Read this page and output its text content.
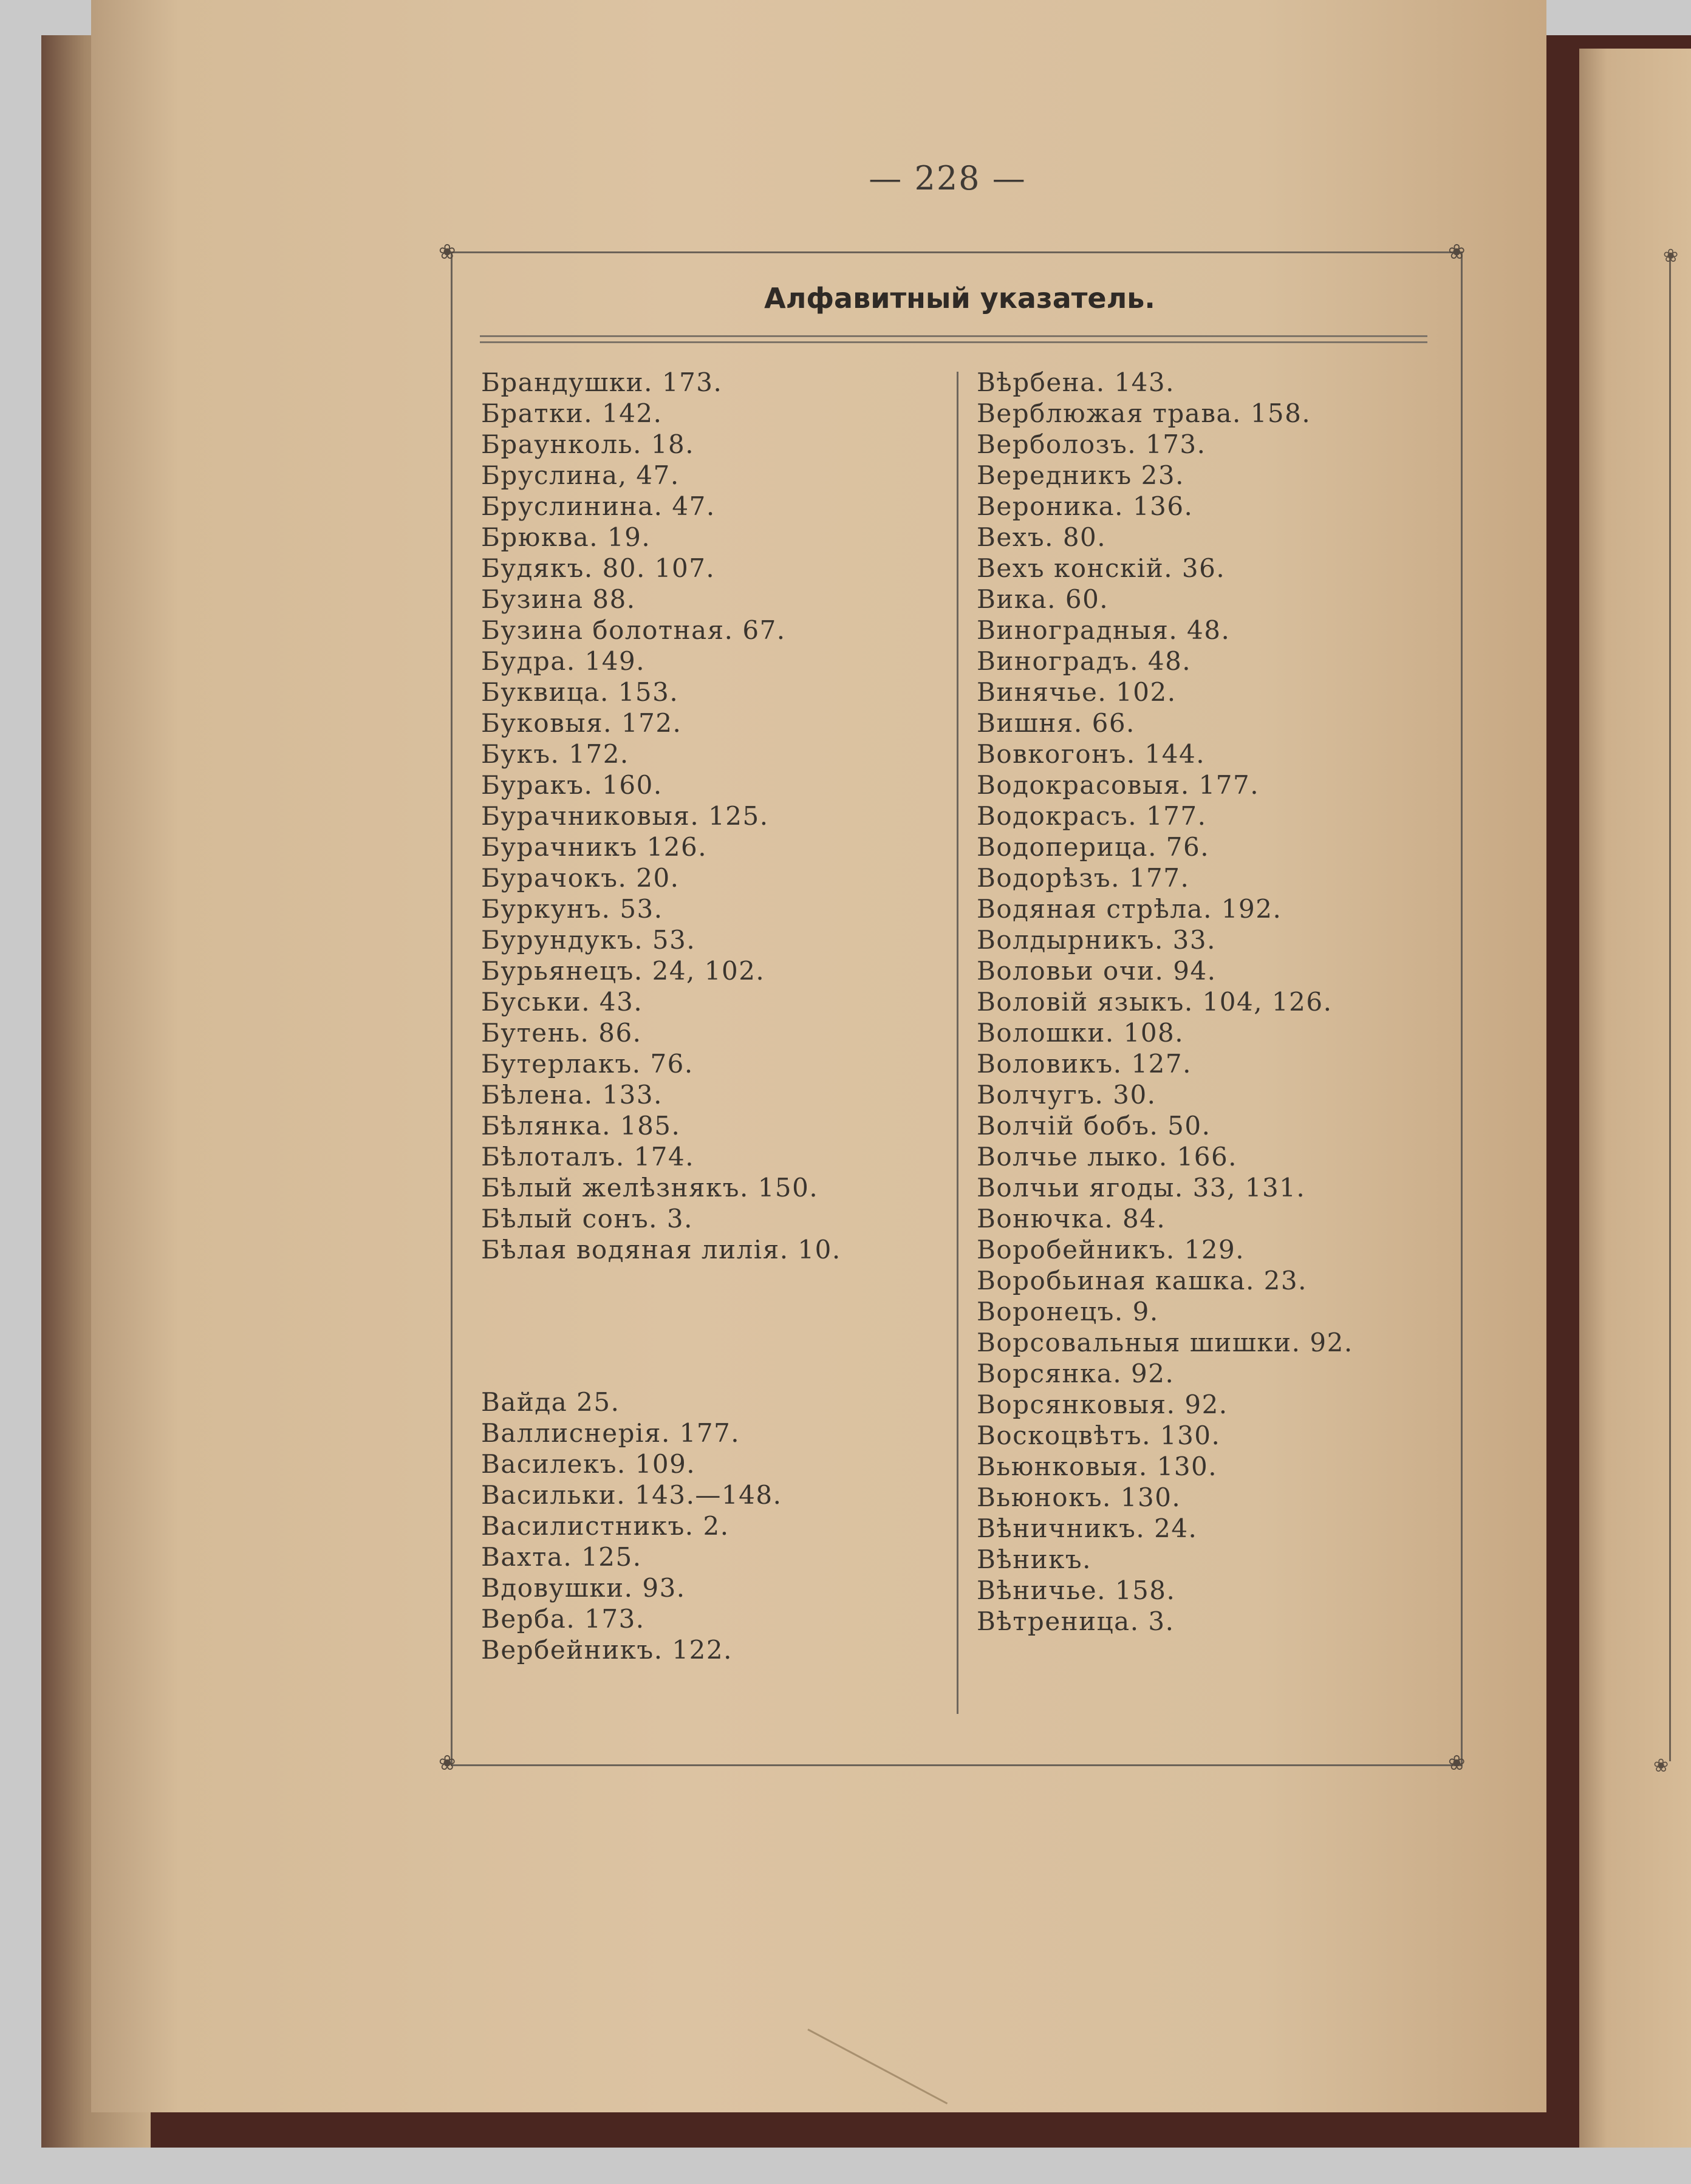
❀
❀
— 228 —
❀	❀
❀	❀
Алфавитный указатель.
Брандушки. 173.
Братки. 142.
Браунколь. 18.
Бруслина, 47.
Бруслинина. 47.
Брюква. 19.
Будякъ. 80. 107.
Бузина 88.
Бузина болотная. 67.
Будра. 149.
Буквица. 153.
Буковыя. 172.
Букъ. 172.
Буракъ. 160.
Бурачниковыя. 125.
Бурачникъ 126.
Бурачокъ. 20.
Буркунъ. 53.
Бурундукъ. 53.
Бурьянецъ. 24, 102.
Буськи. 43.
Бутень. 86.
Бутерлакъ. 76.
Бѣлена. 133.
Бѣлянка. 185.
Бѣлоталъ. 174.
Бѣлый желѣзнякъ. 150.
Бѣлый сонъ. 3.
Бѣлая водяная лилія. 10.
Вайда 25.
Валлиснерія. 177.
Василекъ. 109.
Васильки. 143.—148.
Василистникъ. 2.
Вахта. 125.
Вдовушки. 93.
Верба. 173.
Вербейникъ. 122.
Вѣрбена. 143.
Верблюжая трава. 158.
Верболозъ. 173.
Вередникъ 23.
Вероника. 136.
Вехъ. 80.
Вехъ конскій. 36.
Вика. 60.
Виноградныя. 48.
Виноградъ. 48.
Винячье. 102.
Вишня. 66.
Вовкогонъ. 144.
Водокрасовыя. 177.
Водокрасъ. 177.
Водоперица. 76.
Водорѣзъ. 177.
Водяная стрѣла. 192.
Волдырникъ. 33.
Воловьи очи. 94.
Воловій языкъ. 104, 126.
Волошки. 108.
Воловикъ. 127.
Волчугъ. 30.
Волчій бобъ. 50.
Волчье лыко. 166.
Волчьи ягоды. 33, 131.
Вонючка. 84.
Воробейникъ. 129.
Воробьиная кашка. 23.
Воронецъ. 9.
Ворсовальныя шишки. 92.
Ворсянка. 92.
Ворсянковыя. 92.
Воскоцвѣтъ. 130.
Вьюнковыя. 130.
Вьюнокъ. 130.
Вѣничникъ. 24.
Вѣникъ.
Вѣничье. 158.
Вѣтреница. 3.
